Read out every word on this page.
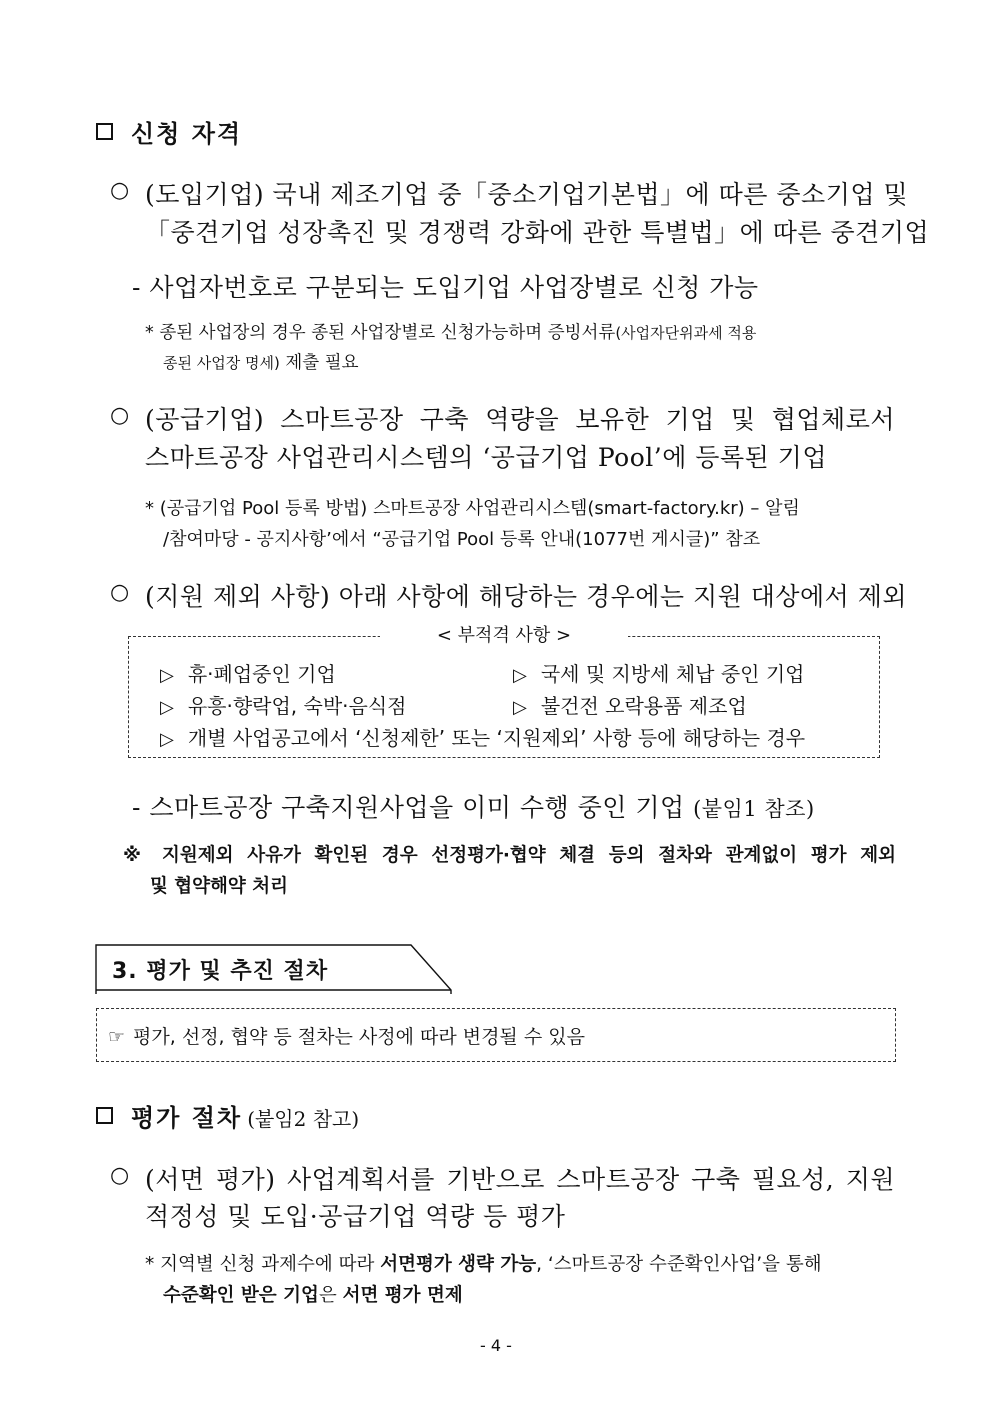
신청 자격
○ (도입기업) 국내 제조기업 중「중소기업기본법」에 따른 중소기업 및
「중견기업 성장촉진 및 경쟁력 강화에 관한 특별법」에 따른 중견기업
- 사업자번호로 구분되는 도입기업 사업장별로 신청 가능
* 종된 사업장의 경우 종된 사업장별로 신청가능하며 증빙서류(사업자단위과세 적용
종된 사업장 명세) 제출 필요
○ (공급기업) 스마트공장 구축 역량을 보유한 기업 및 협업체로서
스마트공장 사업관리시스템의 ‘공급기업 Pool’에 등록된 기업
* (공급기업 Pool 등록 방법) 스마트공장 사업관리시스템(smart-factory.kr) – 알림
/참여마당 - 공지사항’에서 “공급기업 Pool 등록 안내(1077번 게시글)” 참조
○ (지원 제외 사항) 아래 사항에 해당하는 경우에는 지원 대상에서 제외
< 부적격 사항 >
▷ 휴·폐업중인 기업	▷ 국세 및 지방세 체납 중인 기업
▷ 유흥·향락업, 숙박·음식점	▷ 불건전 오락용품 제조업
▷ 개별 사업공고에서 ‘신청제한’ 또는 ‘지원제외’ 사항 등에 해당하는 경우
- 스마트공장 구축지원사업을 이미 수행 중인 기업 (붙임1 참조)
※ 지원제외 사유가 확인된 경우 선정평가·협약 체결 등의 절차와 관계없이 평가 제외
및 협약해약 처리
3. 평가 및 추진 절차
☞ 평가, 선정, 협약 등 절차는 사정에 따라 변경될 수 있음
평가 절차 (붙임2 참고)
○ (서면 평가) 사업계획서를 기반으로 스마트공장 구축 필요성, 지원
적정성 및 도입·공급기업 역량 등 평가
* 지역별 신청 과제수에 따라 서면평가 생략 가능, ‘스마트공장 수준확인사업’을 통해
수준확인 받은 기업은 서면 평가 면제
- 4 -
